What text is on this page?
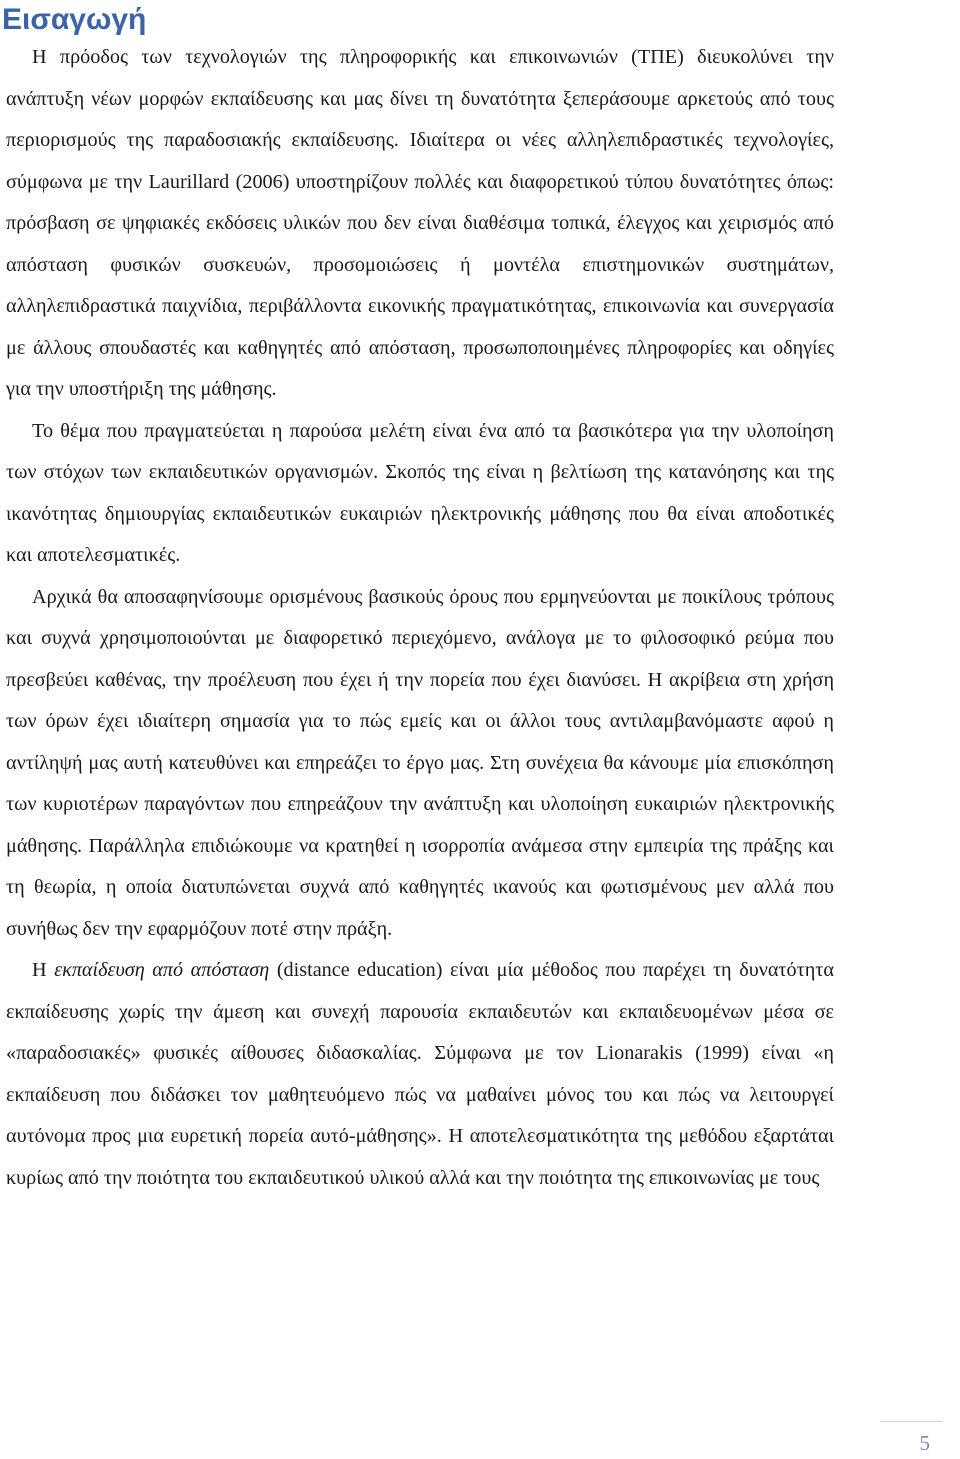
Εισαγωγή

Η πρόοδος των τεχνολογιών της πληροφορικής και επικοινωνιών (ΤΠΕ) διευκολύνει την ανάπτυξη νέων μορφών εκπαίδευσης και μας δίνει τη δυνατότητα ξεπεράσουμε αρκετούς από τους περιορισμούς της παραδοσιακής εκπαίδευσης. Ιδιαίτερα οι νέες αλληλεπιδραστικές τεχνολογίες, σύμφωνα με την Laurillard (2006) υποστηρίζουν πολλές και διαφορετικού τύπου δυνατότητες όπως: πρόσβαση σε ψηφιακές εκδόσεις υλικών που δεν είναι διαθέσιμα τοπικά, έλεγχος και χειρισμός από απόσταση φυσικών συσκευών, προσομοιώσεις ή μοντέλα επιστημονικών συστημάτων, αλληλεπιδραστικά παιχνίδια, περιβάλλοντα εικονικής πραγματικότητας, επικοινωνία και συνεργασία με άλλους σπουδαστές και καθηγητές από απόσταση, προσωποποιημένες πληροφορίες και οδηγίες για την υποστήριξη της μάθησης.

Το θέμα που πραγματεύεται η παρούσα μελέτη είναι ένα από τα βασικότερα για την υλοποίηση των στόχων των εκπαιδευτικών οργανισμών. Σκοπός της είναι η βελτίωση της κατανόησης και της ικανότητας δημιουργίας εκπαιδευτικών ευκαιριών ηλεκτρονικής μάθησης που θα είναι αποδοτικές και αποτελεσματικές.

Αρχικά θα αποσαφηνίσουμε ορισμένους βασικούς όρους που ερμηνεύονται με ποικίλους τρόπους και συχνά χρησιμοποιούνται με διαφορετικό περιεχόμενο, ανάλογα με το φιλοσοφικό ρεύμα που πρεσβεύει καθένας, την προέλευση που έχει ή την πορεία που έχει διανύσει. Η ακρίβεια στη χρήση των όρων έχει ιδιαίτερη σημασία για το πώς εμείς και οι άλλοι τους αντιλαμβανόμαστε αφού η αντίληψή μας αυτή κατευθύνει και επηρεάζει το έργο μας. Στη συνέχεια θα κάνουμε μία επισκόπηση των κυριοτέρων παραγόντων που επηρεάζουν την ανάπτυξη και υλοποίηση ευκαιριών ηλεκτρονικής μάθησης. Παράλληλα επιδιώκουμε να κρατηθεί η ισορροπία ανάμεσα στην εμπειρία της πράξης και τη θεωρία, η οποία διατυπώνεται συχνά από καθηγητές ικανούς και φωτισμένους μεν αλλά που συνήθως δεν την εφαρμόζουν ποτέ στην πράξη.

Η εκπαίδευση από απόσταση (distance education) είναι μία μέθοδος που παρέχει τη δυνατότητα εκπαίδευσης χωρίς την άμεση και συνεχή παρουσία εκπαιδευτών και εκπαιδευομένων μέσα σε «παραδοσιακές» φυσικές αίθουσες διδασκαλίας. Σύμφωνα με τον Lionarakis (1999) είναι «η εκπαίδευση που διδάσκει τον μαθητευόμενο πώς να μαθαίνει μόνος του και πώς να λειτουργεί αυτόνομα προς μια ευρετική πορεία αυτό-μάθησης». Η αποτελεσματικότητα της μεθόδου εξαρτάται κυρίως από την ποιότητα του εκπαιδευτικού υλικού αλλά και την ποιότητα της επικοινωνίας με τους

5
